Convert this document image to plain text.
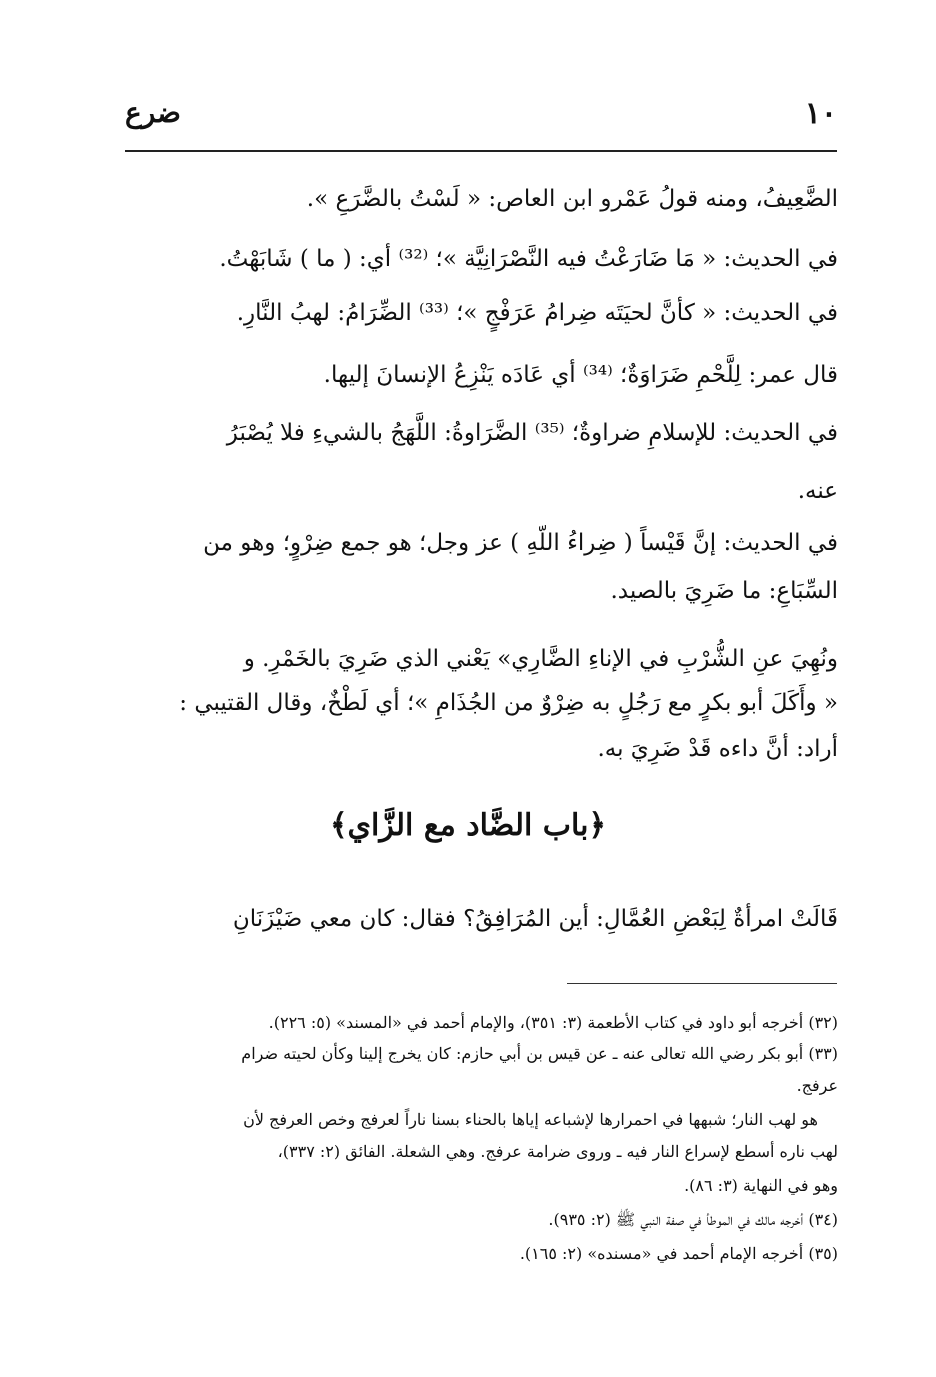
١٠
ضرع
الضَّعِيفُ، ومنه قولُ عَمْرو ابن العاص: « لَسْتُ بالضَّرَعِ ».
في الحديث: « مَا ضَارَعْتُ فيه النَّصْرَانِيَّة »؛ ⁽³²⁾ أي: ( ما ) شَابَهْتُ.
في الحديث: « كأنَّ لحيَتَه ضِرامُ عَرَفْجٍ »؛ ⁽³³⁾ الضِّرَامُ: لهبُ النَّارِ.
قال عمر: لِلَّحْمِ ضَرَاوَةٌ؛ ⁽³⁴⁾ أي عَادَه يَنْزِعُ الإنسانَ إليها.
في الحديث: للإسلامِ ضراوةٌ؛ ⁽³⁵⁾ الضَّرَاوةُ: اللَّهَجُ بالشيءِ فلا يُصْبَرُ
عنه.
في الحديث: إنَّ قَيْساً ( ضِراءُ اللّهِ ) عز وجل؛ هو جمع ضِرْوٍ؛ وهو من
السِّبَاعِ: ما ضَرِيَ بالصيد.
ونُهِيَ عنِ الشُّرْبِ في الإناءِ الضَّارِي» يَعْني الذي ضَرِيَ بالخَمْرِ. و
« وأَكَلَ أبو بكرٍ مع رَجُلٍ به ضِرْوٌ من الجُذَامِ »؛ أي لَطْخٌ، وقال القتيبي :
أراد: أنَّ داءه قَدْ ضَرِيَ به.
﴿باب الضَّاد مع الزَّاي﴾
قَالَتْ امرأةٌ لِبَعْضِ العُمَّالِ: أين المُرَافِقُ؟ فقال: كان معي ضَيْزَنَانِ
(٣٢) أخرجه أبو داود في كتاب الأطعمة (٣: ٣٥١)، والإمام أحمد في «المسند» (٥: ٢٢٦).
(٣٣) أبو بكر رضي الله تعالى عنه ـ عن قيس بن أبي حازم: كان يخرج إلينا وكأن لحيته ضرام
عرفج.
هو لهب النار؛ شبهها في احمرارها لإشباعه إياها بالحناء بسنا ناراً لعرفج وخص العرفج لأن
لهب ناره أسطع لإسراع النار فيه ـ وروى ضرامة عرفج. وهي الشعلة. الفائق (٢: ٣٣٧)،
وهو في النهاية (٣: ٨٦).
(٣٤) أخرجه مالك في الموطأ في صفة النبي ﷺ (٢: ٩٣٥).
(٣٥) أخرجه الإمام أحمد في «مسنده» (٢: ١٦٥).
